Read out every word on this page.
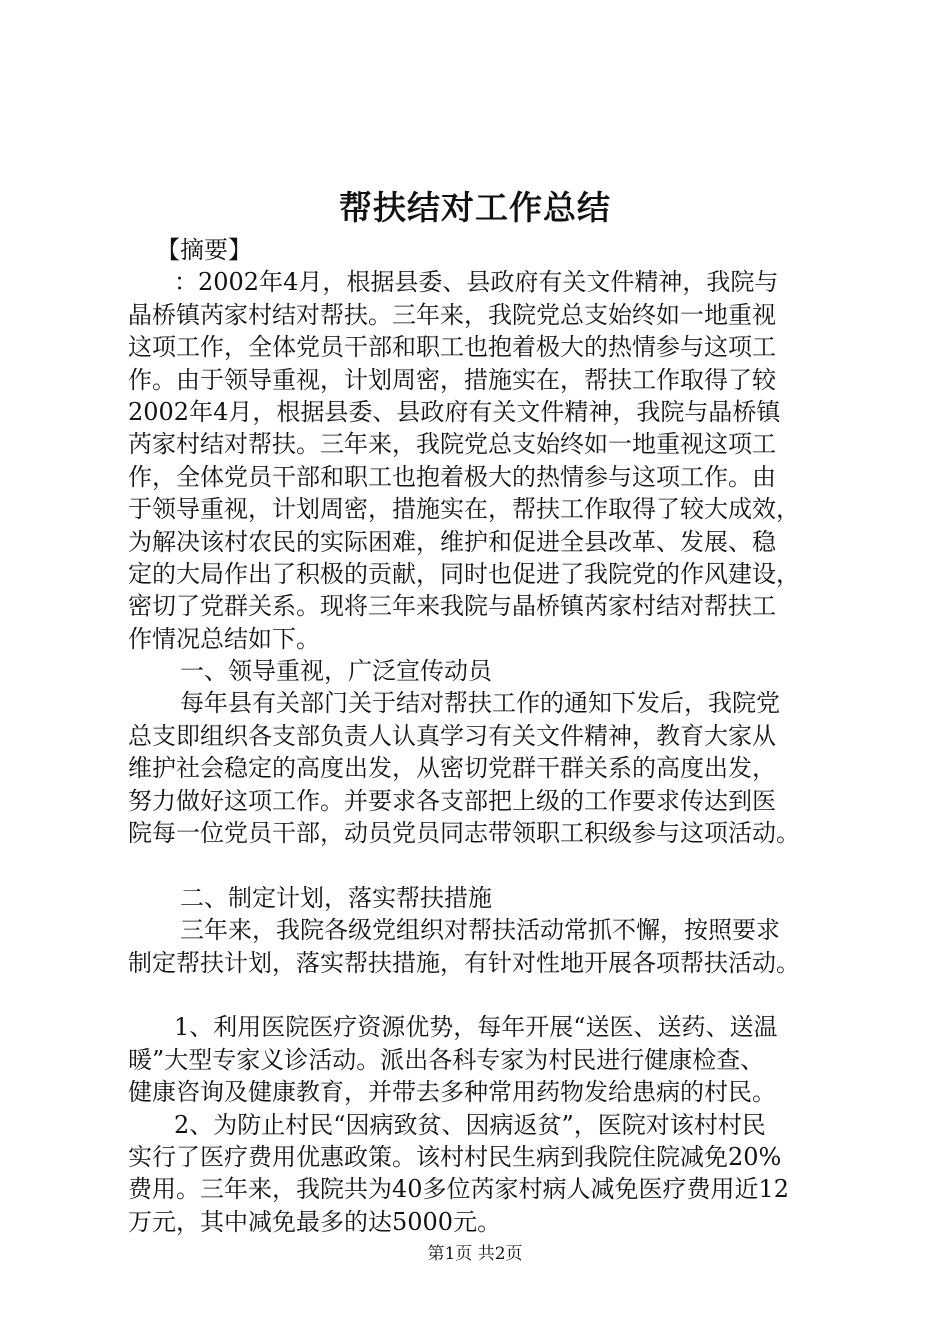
帮扶结对工作总结
【摘要】
：2002年4月，根据县委、县政府有关文件精神，我院与
晶桥镇芮家村结对帮扶。三年来，我院党总支始终如一地重视
这项工作，全体党员干部和职工也抱着极大的热情参与这项工
作。由于领导重视，计划周密，措施实在，帮扶工作取得了较
2002年4月，根据县委、县政府有关文件精神，我院与晶桥镇
芮家村结对帮扶。三年来，我院党总支始终如一地重视这项工
作，全体党员干部和职工也抱着极大的热情参与这项工作。由
于领导重视，计划周密，措施实在，帮扶工作取得了较大成效，
为解决该村农民的实际困难，维护和促进全县改革、发展、稳
定的大局作出了积极的贡献，同时也促进了我院党的作风建设，
密切了党群关系。现将三年来我院与晶桥镇芮家村结对帮扶工
作情况总结如下。
一、领导重视，广泛宣传动员
每年县有关部门关于结对帮扶工作的通知下发后，我院党
总支即组织各支部负责人认真学习有关文件精神，教育大家从
维护社会稳定的高度出发，从密切党群干群关系的高度出发，
努力做好这项工作。并要求各支部把上级的工作要求传达到医
院每一位党员干部，动员党员同志带领职工积级参与这项活动。
二、制定计划，落实帮扶措施
三年来，我院各级党组织对帮扶活动常抓不懈，按照要求
制定帮扶计划，落实帮扶措施，有针对性地开展各项帮扶活动。
1、利用医院医疗资源优势，每年开展“送医、送药、送温
暖”大型专家义诊活动。派出各科专家为村民进行健康检查、
健康咨询及健康教育，并带去多种常用药物发给患病的村民。
2、为防止村民“因病致贫、因病返贫”，医院对该村村民
实行了医疗费用优惠政策。该村村民生病到我院住院减免20%
费用。三年来，我院共为40多位芮家村病人减免医疗费用近12
万元，其中减免最多的达5000元。
第1页 共2页
